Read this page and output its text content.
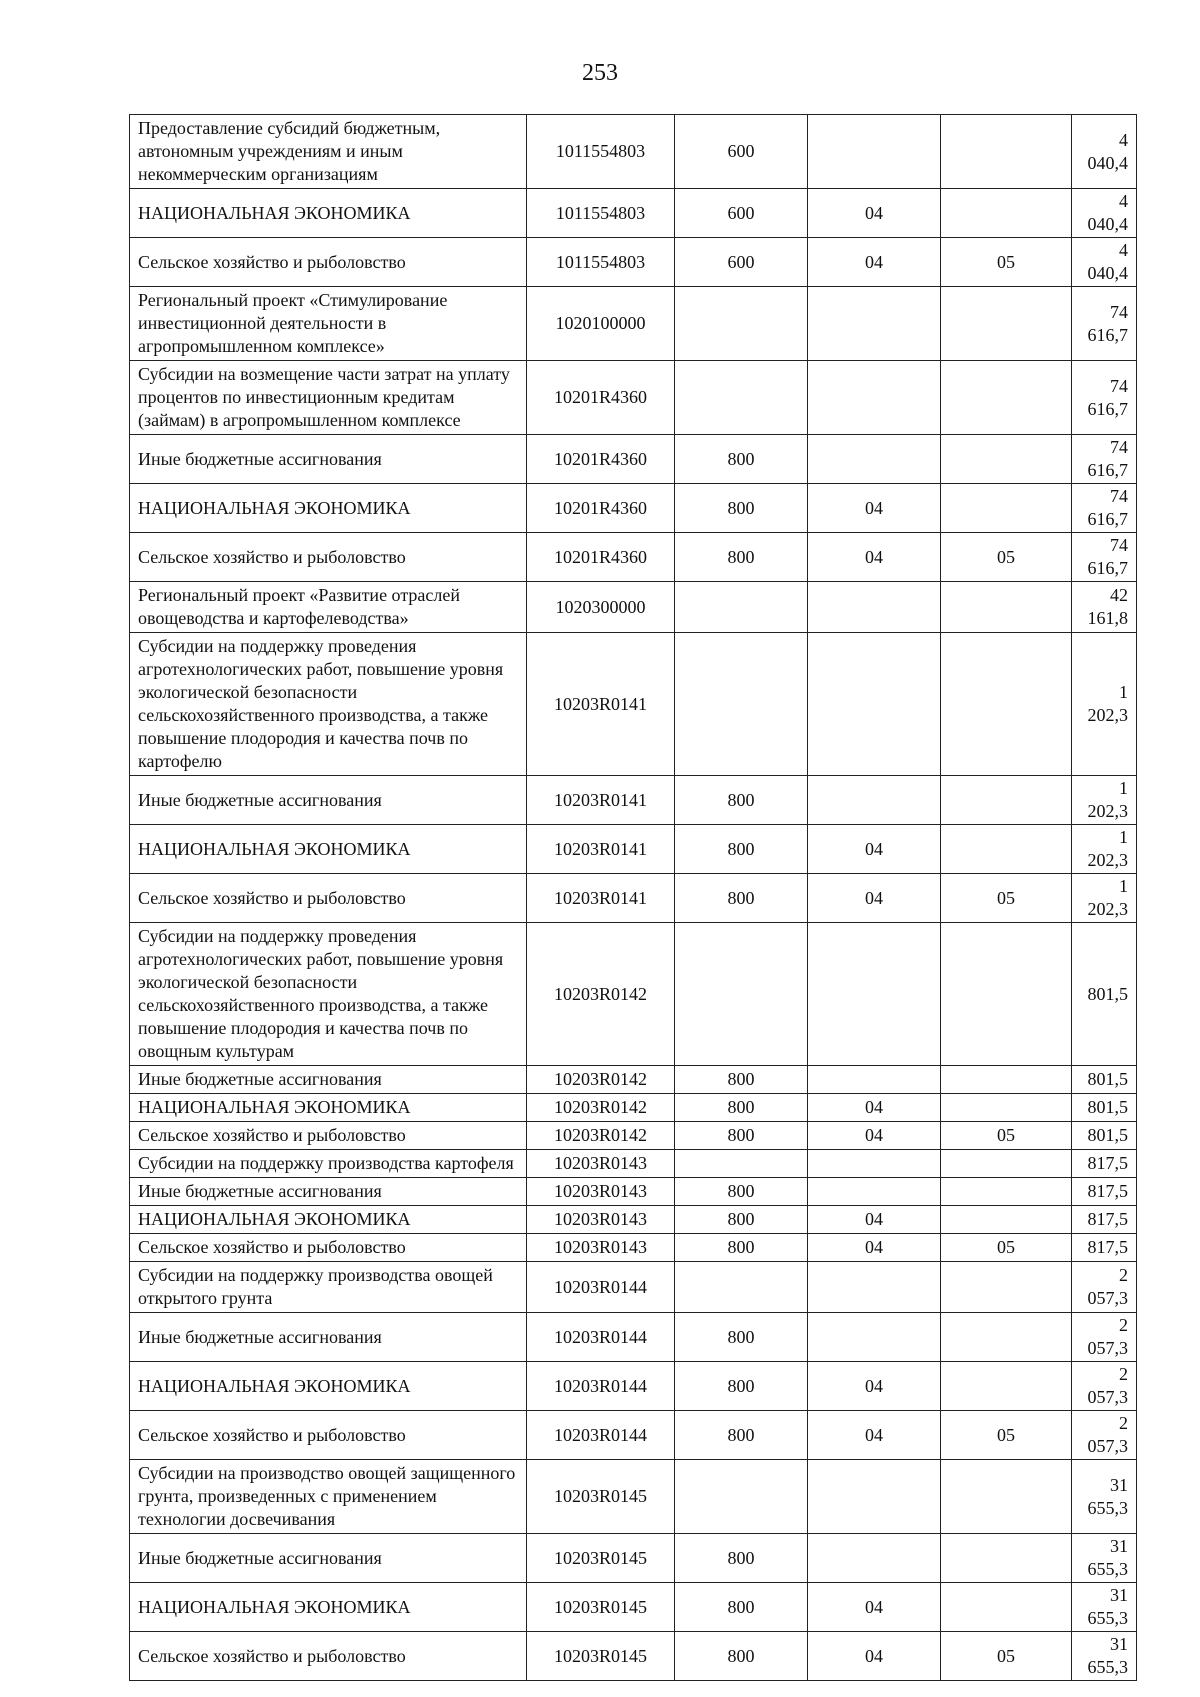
253
Предоставление субсидий бюджетным, автономным учреждениям и иным некоммерческим организациям	1011554803	600			4 040,4
НАЦИОНАЛЬНАЯ ЭКОНОМИКА	1011554803	600	04		4 040,4
Сельское хозяйство и рыболовство	1011554803	600	04	05	4 040,4
Региональный проект «Стимулирование инвестиционной деятельности в агропромышленном комплексе»	1020100000				74 616,7
Субсидии на возмещение части затрат на уплату процентов по инвестиционным кредитам (займам) в агропромышленном комплексе	10201R4360				74 616,7
Иные бюджетные ассигнования	10201R4360	800			74 616,7
НАЦИОНАЛЬНАЯ ЭКОНОМИКА	10201R4360	800	04		74 616,7
Сельское хозяйство и рыболовство	10201R4360	800	04	05	74 616,7
Региональный проект «Развитие отраслей овощеводства и картофелеводства»	1020300000				42 161,8
Субсидии на поддержку проведения агротехнологических работ, повышение уровня экологической безопасности сельскохозяйственного производства, а также повышение плодородия и качества почв по картофелю	10203R0141				1 202,3
Иные бюджетные ассигнования	10203R0141	800			1 202,3
НАЦИОНАЛЬНАЯ ЭКОНОМИКА	10203R0141	800	04		1 202,3
Сельское хозяйство и рыболовство	10203R0141	800	04	05	1 202,3
Субсидии на поддержку проведения агротехнологических работ, повышение уровня экологической безопасности сельскохозяйственного производства, а также повышение плодородия и качества почв по овощным культурам	10203R0142				801,5
Иные бюджетные ассигнования	10203R0142	800			801,5
НАЦИОНАЛЬНАЯ ЭКОНОМИКА	10203R0142	800	04		801,5
Сельское хозяйство и рыболовство	10203R0142	800	04	05	801,5
Субсидии на поддержку производства картофеля	10203R0143				817,5
Иные бюджетные ассигнования	10203R0143	800			817,5
НАЦИОНАЛЬНАЯ ЭКОНОМИКА	10203R0143	800	04		817,5
Сельское хозяйство и рыболовство	10203R0143	800	04	05	817,5
Субсидии на поддержку производства овощей открытого грунта	10203R0144				2 057,3
Иные бюджетные ассигнования	10203R0144	800			2 057,3
НАЦИОНАЛЬНАЯ ЭКОНОМИКА	10203R0144	800	04		2 057,3
Сельское хозяйство и рыболовство	10203R0144	800	04	05	2 057,3
Субсидии на производство овощей защищенного грунта, произведенных с применением технологии досвечивания	10203R0145				31 655,3
Иные бюджетные ассигнования	10203R0145	800			31 655,3
НАЦИОНАЛЬНАЯ ЭКОНОМИКА	10203R0145	800	04		31 655,3
Сельское хозяйство и рыболовство	10203R0145	800	04	05	31 655,3
